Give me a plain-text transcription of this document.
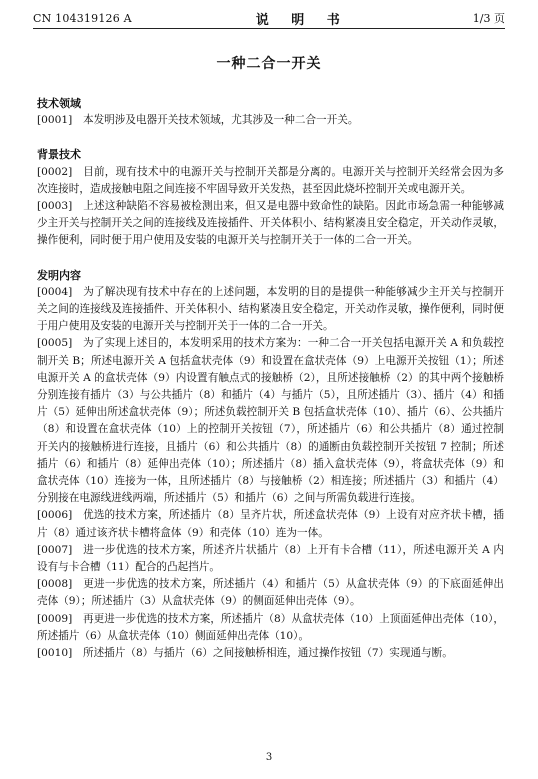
CN 104319126 A	说 明 书	1/3 页
一种二合一开关

技术领域

[0001] 本发明涉及电器开关技术领域，尤其涉及一种二合一开关。

背景技术

[0002] 目前，现有技术中的电源开关与控制开关都是分离的。电源开关与控制开关经常会因为多次连接时，造成接触电阻之间连接不牢固导致开关发热，甚至因此烧坏控制开关或电源开关。

[0003] 上述这种缺陷不容易被检测出来，但又是电器中致命性的缺陷。因此市场急需一种能够减少主开关与控制开关之间的连接线及连接插件、开关体积小、结构紧凑且安全稳定，开关动作灵敏，操作便利，同时便于用户使用及安装的电源开关与控制开关于一体的二合一开关。

发明内容

[0004] 为了解决现有技术中存在的上述问题，本发明的目的是提供一种能够减少主开关与控制开关之间的连接线及连接插件、开关体积小、结构紧凑且安全稳定，开关动作灵敏，操作便利，同时便于用户使用及安装的电源开关与控制开关于一体的二合一开关。

[0005] 为了实现上述目的，本发明采用的技术方案为：一种二合一开关包括电源开关 A 和负载控制开关 B；所述电源开关 A 包括盒状壳体（9）和设置在盒状壳体（9）上电源开关按钮（1）；所述电源开关 A 的盒状壳体（9）内设置有触点式的接触桥（2），且所述接触桥（2）的其中两个接触桥分别连接有插片（3）与公共插片（8）和插片（4）与插片（5），且所述插片（3）、插片（4）和插片（5）延伸出所述盒状壳体（9）；所述负载控制开关 B 包括盒状壳体（10）、插片（6）、公共插片（8）和设置在盒状壳体（10）上的控制开关按钮（7），所述插片（6）和公共插片（8）通过控制开关内的接触桥进行连接，且插片（6）和公共插片（8）的通断由负载控制开关按钮 7 控制；所述插片（6）和插片（8）延伸出壳体（10）；所述插片（8）插入盒状壳体（9），将盒状壳体（9）和盒状壳体（10）连接为一体，且所述插片（8）与接触桥（2）相连接；所述插片（3）和插片（4）分别接在电源线进线两端，所述插片（5）和插片（6）之间与所需负载进行连接。

[0006] 优选的技术方案，所述插片（8）呈齐片状，所述盒状壳体（9）上设有对应齐状卡槽，插片（8）通过该齐状卡槽将盒体（9）和壳体（10）连为一体。

[0007] 进一步优选的技术方案，所述齐片状插片（8）上开有卡合槽（11），所述电源开关 A 内设有与卡合槽（11）配合的凸起挡片。

[0008] 更进一步优选的技术方案，所述插片（4）和插片（5）从盒状壳体（9）的下底面延伸出壳体（9）；所述插片（3）从盒状壳体（9）的侧面延伸出壳体（9）。

[0009] 再更进一步优选的技术方案，所述插片（8）从盒状壳体（10）上顶面延伸出壳体（10），所述插片（6）从盒状壳体（10）侧面延伸出壳体（10）。

[0010] 所述插片（8）与插片（6）之间接触桥相连，通过操作按钮（7）实现通与断。

3
